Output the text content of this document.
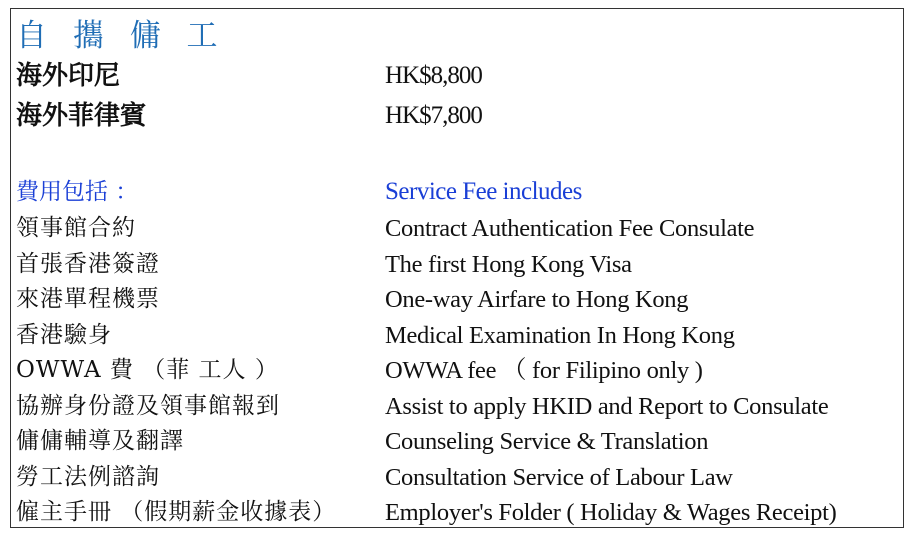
自 攜 傭 工
海外印尼	HK$8,800
海外菲律賓	HK$7,800
費用包括 ：	Service Fee includes
領事館合約	Contract Authentication Fee Consulate
首張香港簽證	The first Hong Kong Visa
來港單程機票	One-way Airfare to Hong Kong
香港驗身	Medical Examination In Hong Kong
OWWA 費 （菲 工人 ）	OWWA fee （ for Filipino only )
協辦身份證及領事館報到	Assist to apply HKID and Report to Consulate
傭傭輔導及翻譯	Counseling Service & Translation
勞工法例諮詢	Consultation Service of Labour Law
僱主手冊 （假期薪金收據表） Employer's Folder ( Holiday & Wages Receipt)
